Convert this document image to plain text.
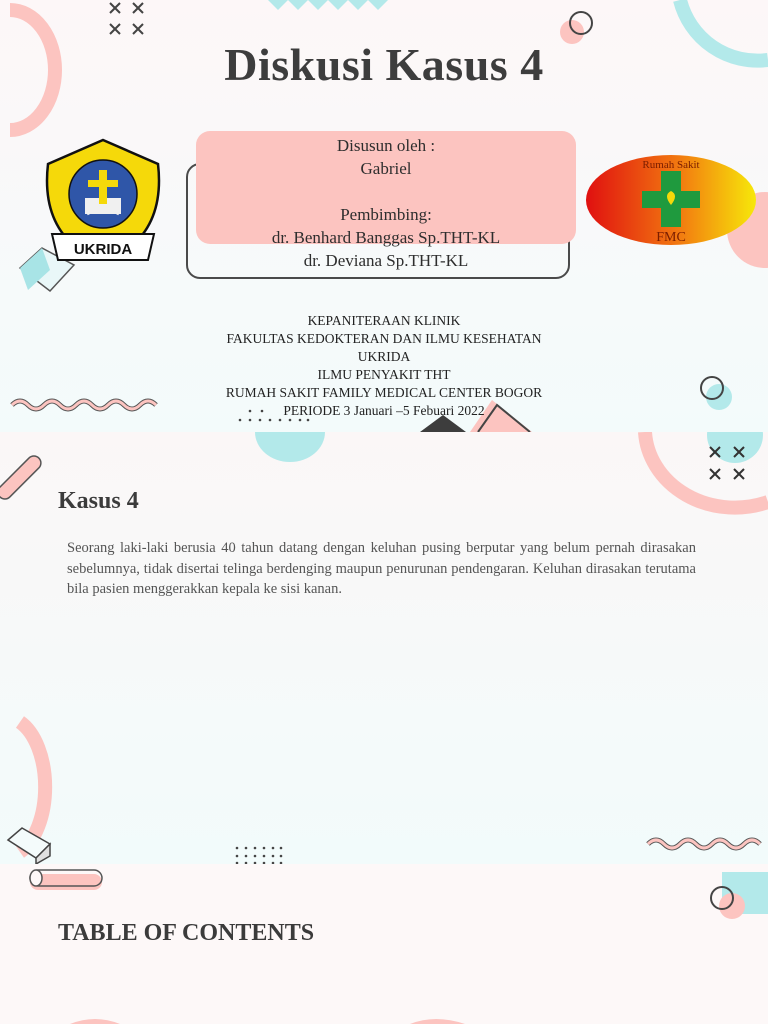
Diskusi Kasus 4
UKRIDA
Rumah Sakit
FMC
Disusun oleh :
Gabriel
Pembimbing:
dr. Benhard Banggas Sp.THT-KL
dr. Deviana Sp.THT-KL
KEPANITERAAN KLINIK
FAKULTAS KEDOKTERAN DAN ILMU KESEHATAN
UKRIDA
ILMU PENYAKIT THT
RUMAH SAKIT FAMILY MEDICAL CENTER BOGOR
PERIODE 3 Januari –5 Febuari 2022
Kasus 4
Seorang laki-laki berusia 40 tahun datang dengan keluhan pusing berputar yang belum pernah dirasakan sebelumnya, tidak disertai telinga berdenging maupun penurunan pendengaran. Keluhan dirasakan terutama bila pasien menggerakkan kepala ke sisi kanan.
TABLE OF CONTENTS
